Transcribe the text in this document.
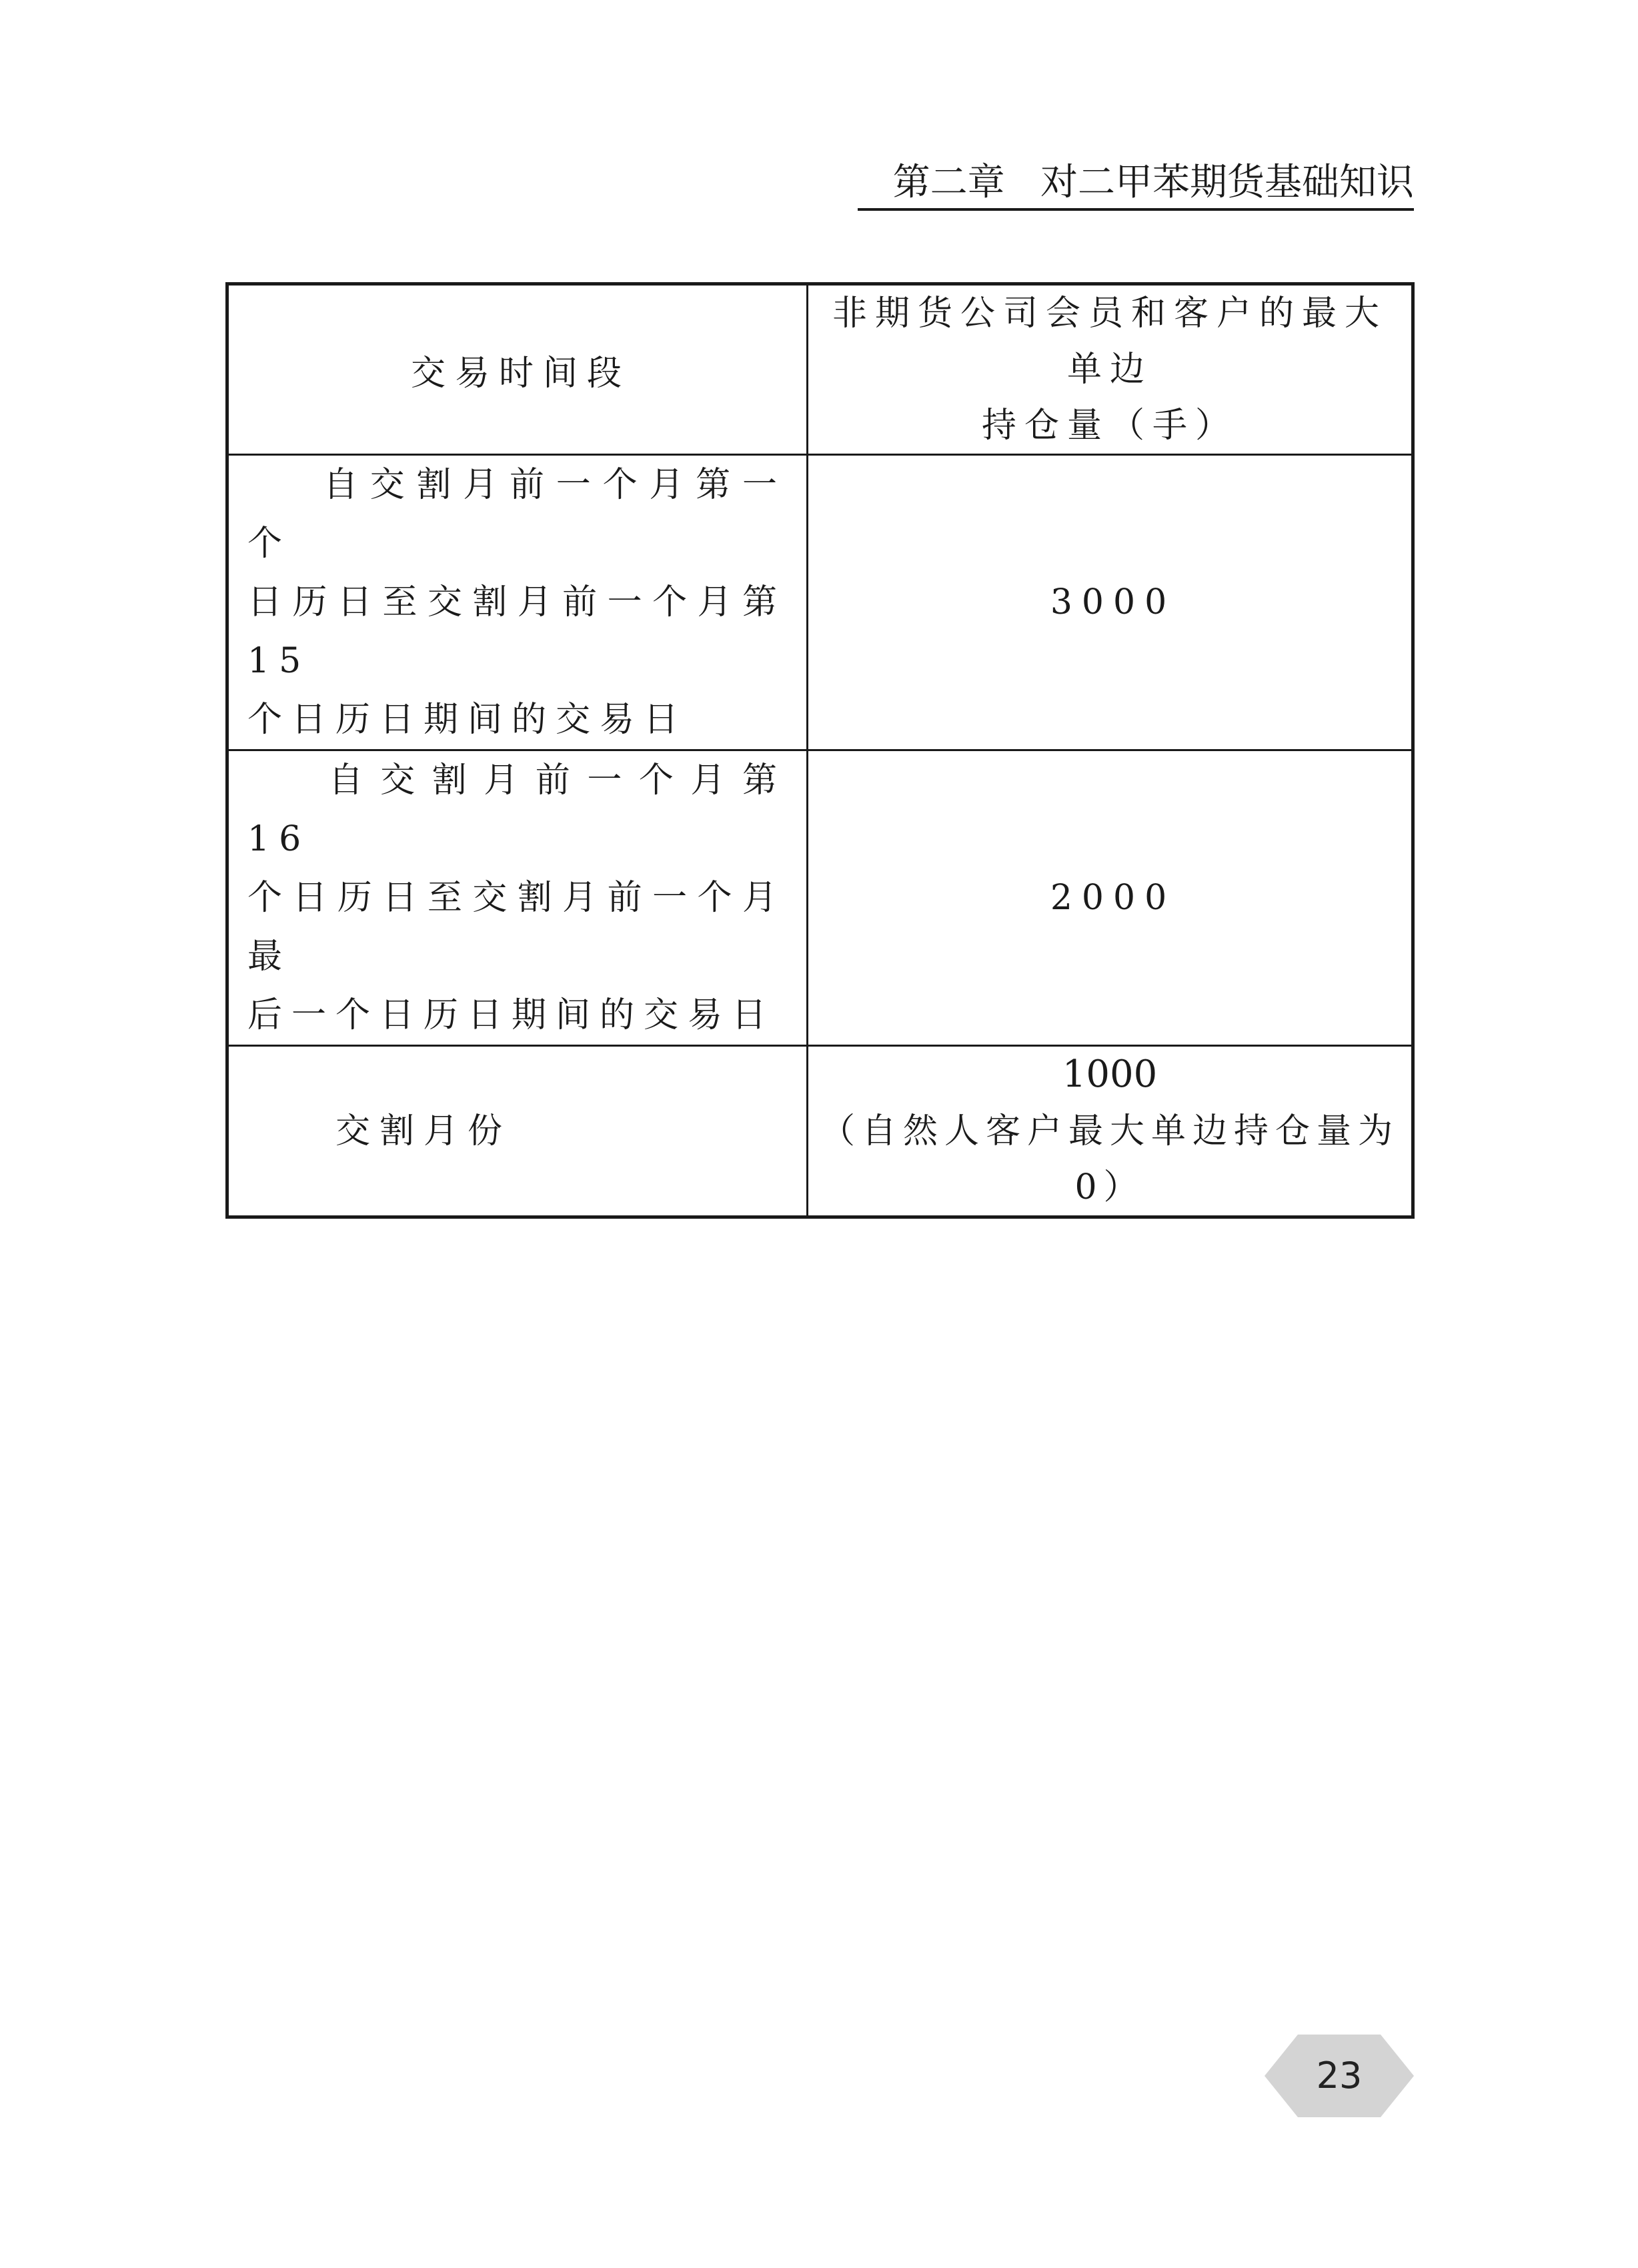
第二章 对二甲苯期货基础知识
交易时间段	非期货公司会员和客户的最大单边
持仓量（手）
自交割月前一个月第一个
日历日至交割月前一个月第 15
个日历日期间的交易日	3000
自交割月前一个月第 16
个日历日至交割月前一个月最
后一个日历日期间的交易日	2000
交割月份	1000
（自然人客户最大单边持仓量为 0）
23
